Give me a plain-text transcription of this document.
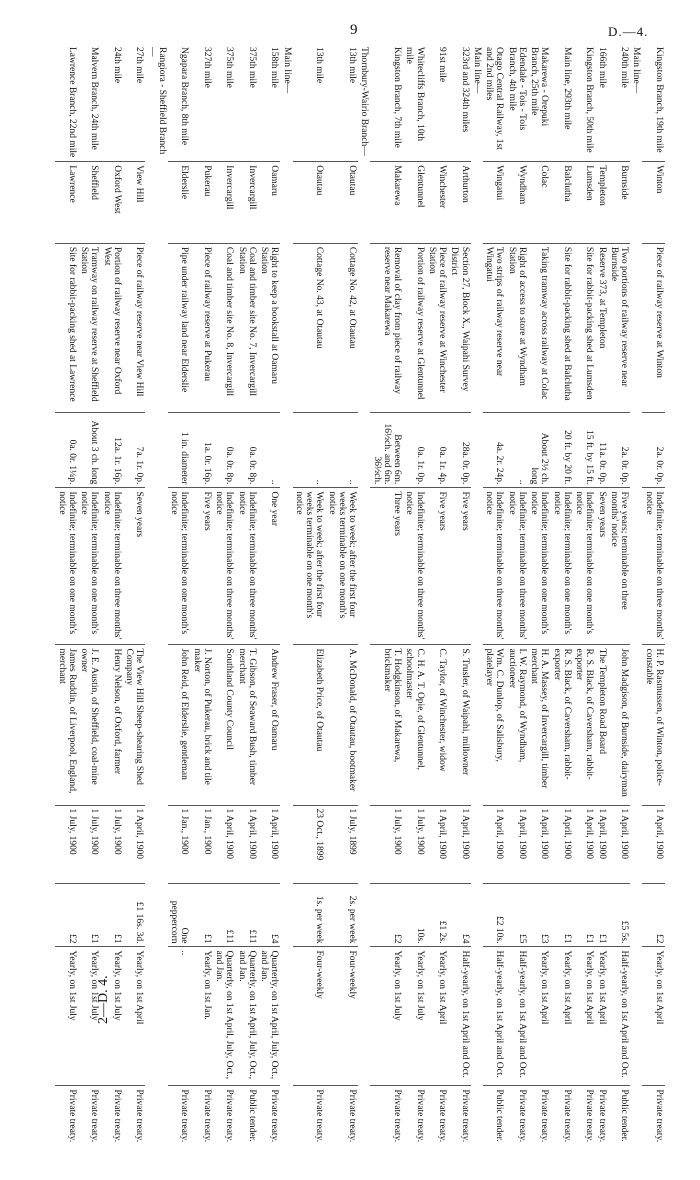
9	D.—4.
2—D. 4.
Kingston Branch, 19th mile	Winton	Piece of railway reserve at Winton	2a. 0r. 0p.	Indefinite; terminable on three months' notice	H. P. Rasmussen, of Winton, police-constable	1 April, 1900	£2	Yearly, on 1st April	Private treaty.
Main line—									
240th mile	Burnside	Two portions of railway reserve near Burnside	2a. 0r. 0p.	Five years; terminable on three months' notice	John Madgison, of Burnside, dairyman	1 April, 1900	£5 5s.	Half-yearly, on 1st April and Oct.	Public tender.
166th mile	Templeton	Reserve 373, at Templeton	11a. 0r. 0p.	Seven years	The Templeton Road Board	1 April, 1900	£1	Yearly, on 1st April	Private treaty.
Kingston Branch, 50th mile	Lumsden	Site for rabbit-packing shed at Lumsden	15 ft. by 15 ft.	Indefinite; terminable on one month's notice	R. S. Black, of Caversham, rabbit-exporter	1 April, 1900	£1	Yearly, on 1st April	Private treaty.
Main line, 293th mile	Balclutha	Site for rabbit-packing shed at Balclutha	20 ft. by 20 ft.	Indefinite; terminable on one month's notice	R. S. Black, of Caversham, rabbit-exporter	1 April, 1900	£1	Yearly, on 1st April	Private treaty.
Makarewa - Orepuki Branch, 25th mile	Colac	Taking tramway across railway at Colac	About 2½ ch. long	Indefinite; terminable on one month's notice	H. A. Massey, of Invercargill, timber merchant	1 April, 1900	£3	Yearly, on 1st April	Private treaty.
Edendale - Tois - Tois Branch, 4th mile	Wyndham	Right of access to store at Wyndham Station	..	Indefinite; terminable on three months' notice	I. W. Raymond, of Wyndham, auctioneer	1 April, 1900	£5	Half-yearly, on 1st April and Oct.	Private treaty.
Otago Central Railway, 1st and 2nd miles	Wingatui	Two strips of railway reserve near Wingatui	4a. 2r. 24p.	Indefinite; terminable on three months' notice	Wm. C. Dunlop, of Salisbury, platelayer	1 April, 1900	£2 10s.	Half-yearly, on 1st April and Oct.	Public tender.
Main line—									
323rd and 324th miles	Arthurton	Section 27, Block X., Waipahi Survey District	28a. 0r. 0p.	Five years	S. Trusler, of Waipahi, millowner	1 April, 1900	£4	Half-yearly, on 1st April and Oct.	Private treaty.
91st mile	Winchester	Piece of railway reserve at Winchester Station	0a. 1r. 4p.	Five years	C. Taylor, of Winchester, widow	1 April, 1900	£1 2s.	Yearly, on 1st April	Private treaty.
Whitecliffs Branch, 10th mile	Glentunnel	Portion of railway reserve at Glentunnel	0a. 1r. 0p.	Indefinite; terminable on three months' notice	C. H. A. T. Opie, of Glentunnel, schoolmaster	1 July, 1900	10s.	Yearly, on 1st July	Private treaty.
Kingston Branch, 7th mile	Makarewa	Removal of clay from piece of railway reserve near Makarewa	Between 6m. 16½ch. and 6m. 36½ch.	Three years	T. Hodgkinson, of Makarewa, brickmaker	1 July, 1900	£2	Yearly, on 1st July	Private treaty.
Thornbury-Wairio Branch—									
13th mile	Otautau	Cottage No. 42, at Otautau	..	Week to week; after the first four weeks terminable on one month's notice	A. McDonald, of Otautau, bootmaker	1 July, 1899	2s. per week	Four-weekly	Private treaty.
13th mile	Otautau	Cottage No. 43, at Otautau	..	Week to week; after the first four weeks terminable on one month's notice	Elizabeth Price, of Otautau	23 Oct., 1899	1s. per week	Four-weekly	Private treaty.
Main line—									
158th mile	Oamaru	Right to keep a bookstall at Oamaru Station	..	One year	Andrew Fraser, of Oamaru	1 April, 1900	£4	Quarterly, on 1st April, July, Oct., and Jan.	Private treaty.
375th mile	Invercargill	Coal and timber site No. 7, Invercargill Station	0a. 0r. 8p.	Indefinite; terminable on three months' notice	T. Gibson, of Seaward Bush, timber merchant	1 April, 1900	£11	Quarterly, on 1st April, July, Oct., and Jan.	Public tender.
375th mile	Invercargill	Coal and timber site No. 8, Invercargill	0a. 0r. 8p.	Indefinite; terminable on three months' notice	Southland County Council	1 April, 1900	£11	Quarterly, on 1st April, July, Oct., and Jan.	Private treaty.
327th mile	Pukerau	Piece of railway reserve at Pukerau	1a. 0r. 16p.	Five years	J. Norton, of Pukerau, brick and tile maker	1 Jan., 1900	£1	Yearly, on 1st Jan.	Private treaty.
Ngapara Branch, 8th mile	Elderslie	Pipe under railway land near Elderslie	1 in. diameter	Indefinite; terminable on one month's notice	John Reid, of Elderslie, gentleman	1 Jan., 1900	One peppercorn	..	Private treaty.
Rangiora - Sheffield Branch—									
27th mile	View Hill	Piece of railway reserve near View Hill	7a. 1r. 0p.	Seven years	The View Hill Sheep-shearing Shed Company	1 April, 1900	£1 16s. 3d.	Yearly, on 1st April	Private treaty.
24th mile	Oxford West	Portion of railway reserve near Oxford West	12a. 1r. 16p.	Indefinite; terminable on three months' notice	Henry Nelson, of Oxford, farmer	1 July, 1900	£1	Yearly, on 1st July	Private treaty.
Malvern Branch, 24th mile	Sheffield	Tramway on railway reserve at Sheffield Station	About 3 ch. long	Indefinite; terminable on one month's notice	J. E. Austin, of Sheffield, coal-mine owner	1 July, 1900	£1	Yearly, on 1st July	Private treaty.
Lawrence Branch, 22nd mile	Lawrence	Site for rabbit-packing shed at Lawrence	0a. 0r. 1¼p.	Indefinite; terminable on one month's notice	James Ruddin, of Liverpool, England, merchant	1 July, 1900	£2	Yearly, on 1st July	Private treaty.
